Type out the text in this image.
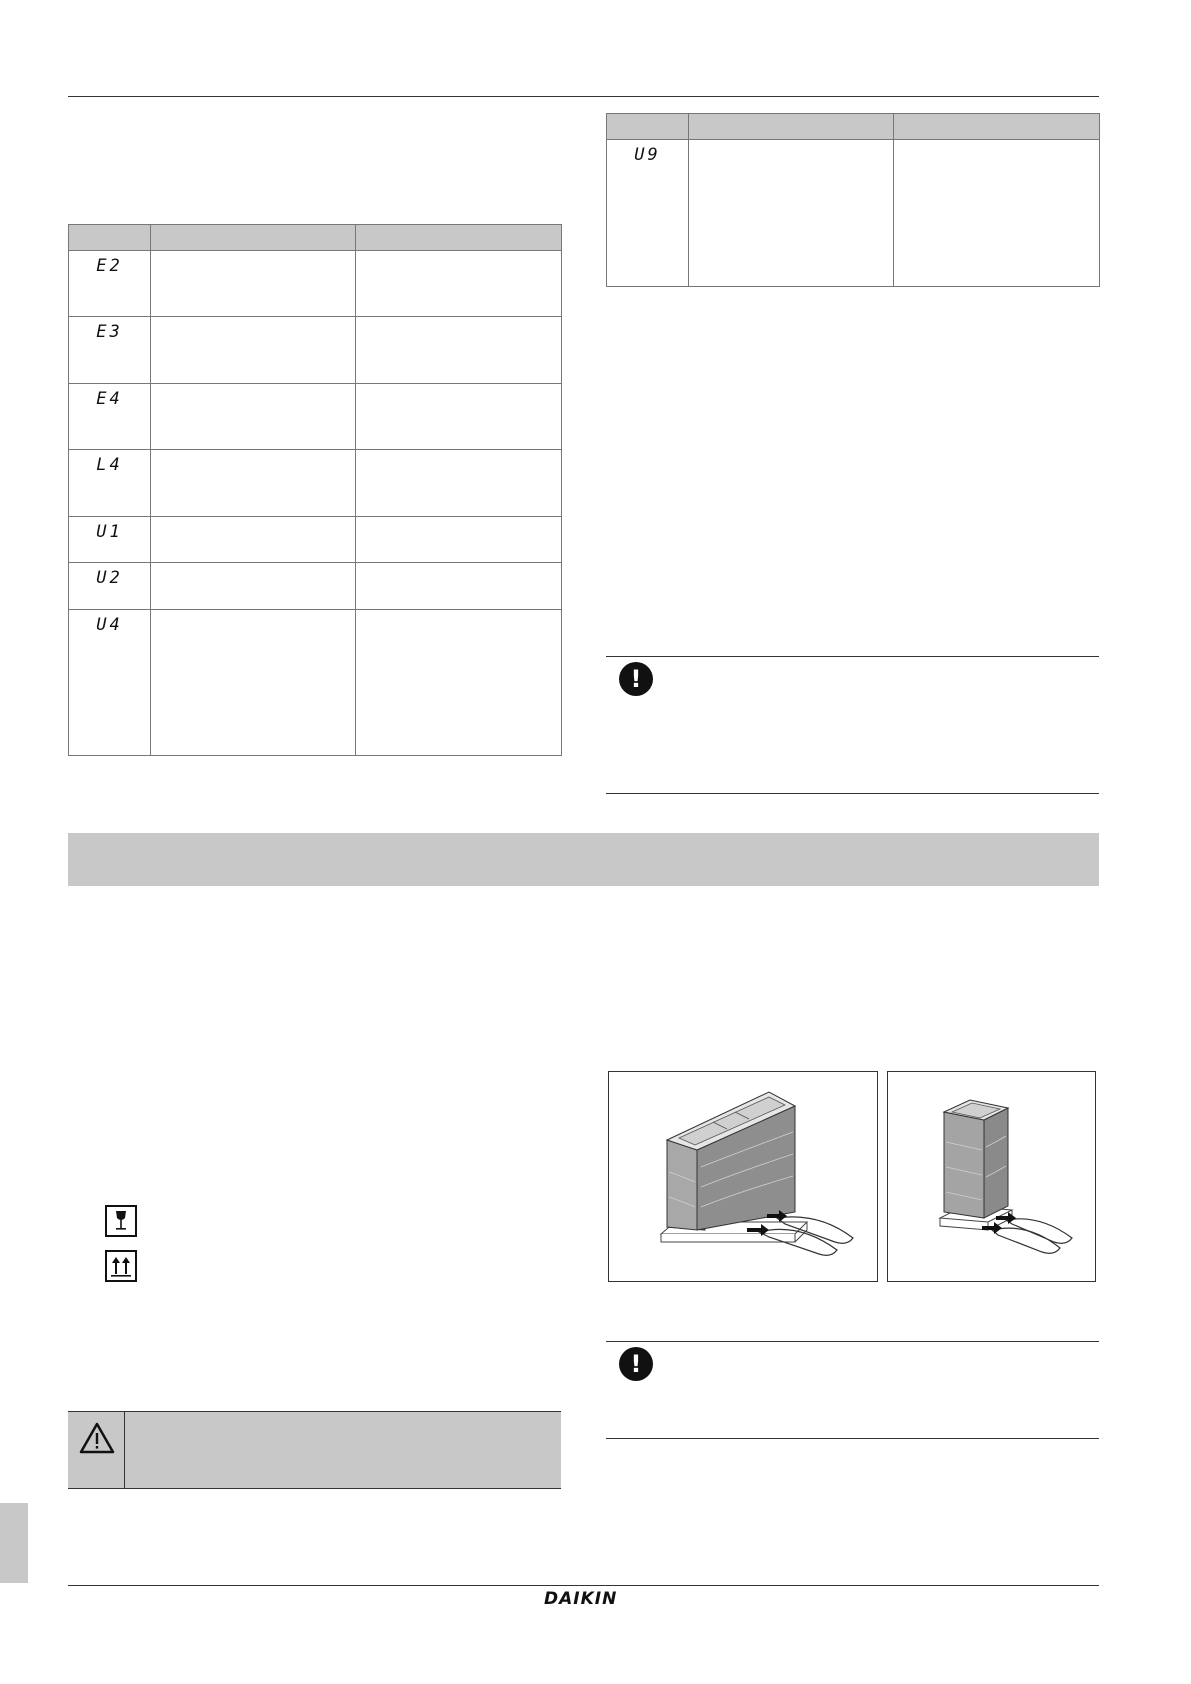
E2		

E3		

E4		

L4		

U1		

U2		

U4		

U9		

!
!
DAIKIN
